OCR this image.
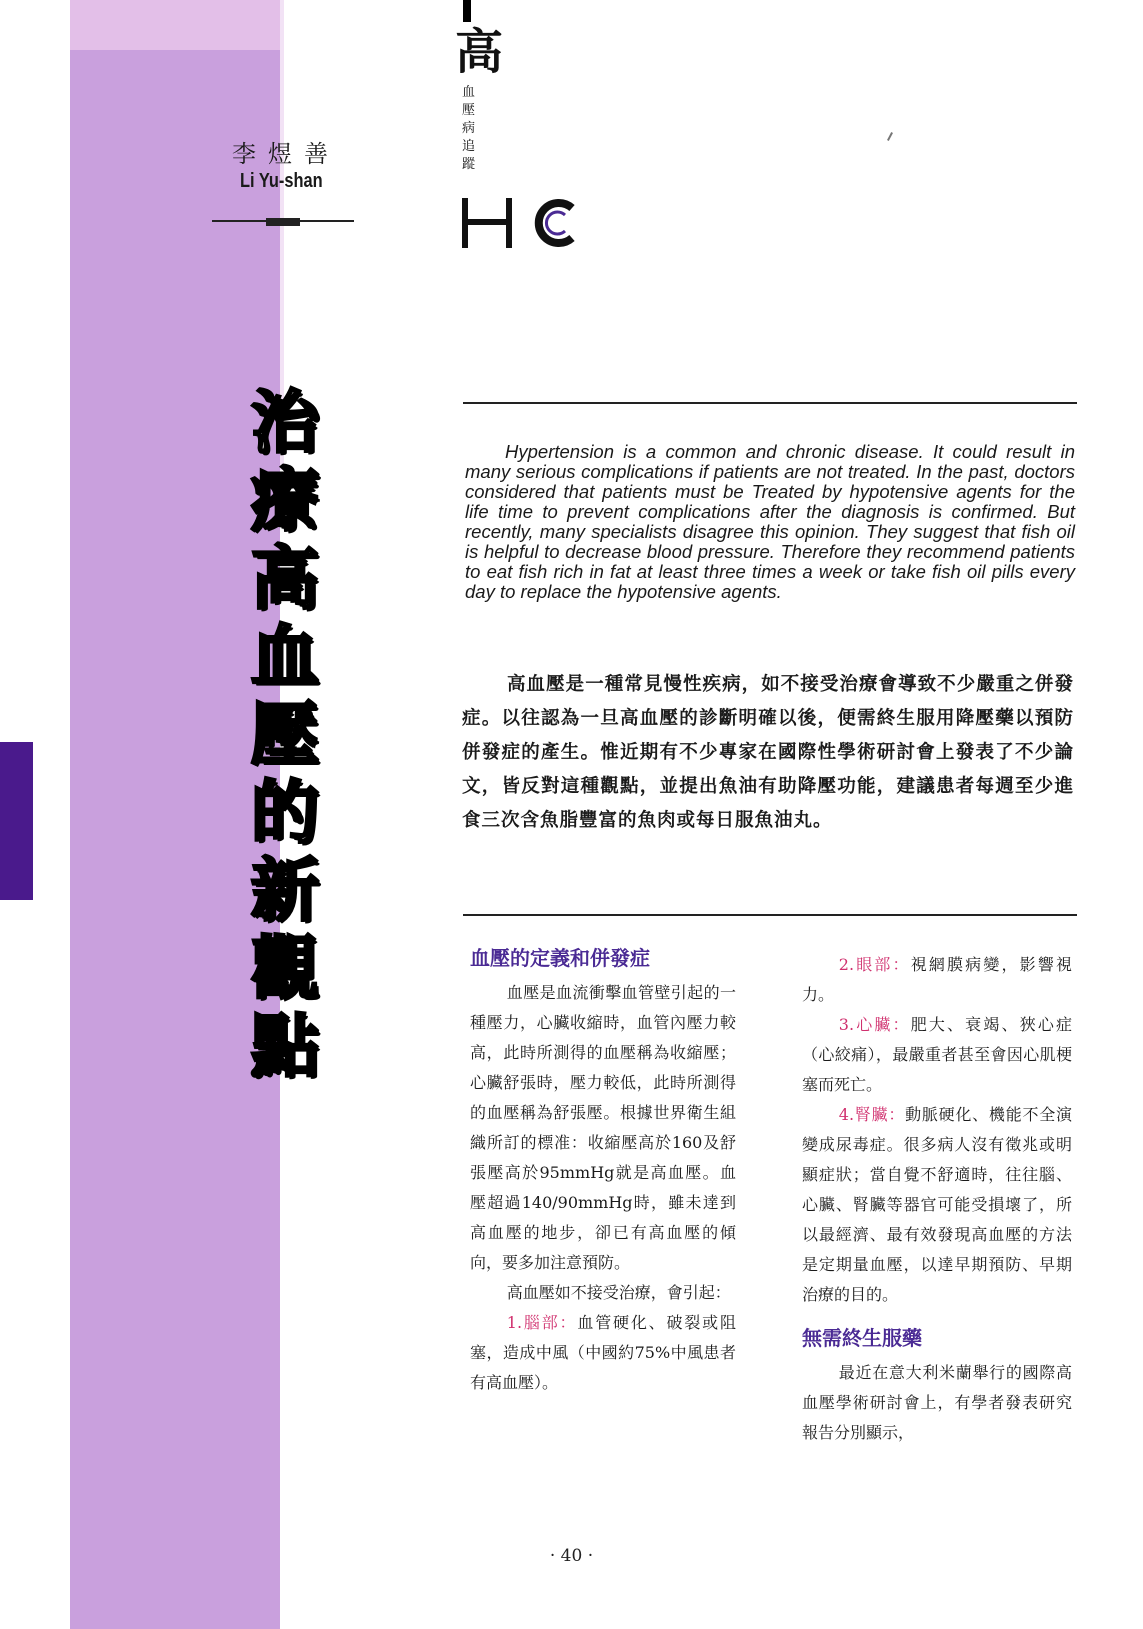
李煜善
Li Yu-shan
治療高血壓的新觀點
高
血壓病追蹤
Hypertension is a common and chronic disease. It could result in many serious complications if patients are not treated. In the past, doctors considered that patients must be Treated by hypotensive agents for the life time to prevent complications after the diagnosis is confirmed. But recently, many specialists disagree this opinion. They suggest that fish oil is helpful to decrease blood pressure. Therefore they recommend patients to eat fish rich in fat at least three times a week or take fish oil pills every day to replace the hypotensive agents.
高血壓是一種常見慢性疾病，如不接受治療會導致不少嚴重之併發症。以往認為一旦高血壓的診斷明確以後，便需終生服用降壓藥以預防併發症的產生。惟近期有不少專家在國際性學術研討會上發表了不少論文，皆反對這種觀點，並提出魚油有助降壓功能，建議患者每週至少進食三次含魚脂豐富的魚肉或每日服魚油丸。
血壓的定義和併發症

血壓是血流衝擊血管壁引起的一種壓力，心臟收縮時，血管內壓力較高，此時所測得的血壓稱為收縮壓；心臟舒張時，壓力較低，此時所測得的血壓稱為舒張壓。根據世界衛生組織所訂的標准：收縮壓高於160及舒張壓高於95mmHg就是高血壓。血壓超過140/90mmHg時，雖未達到高血壓的地步，卻已有高血壓的傾向，要多加注意預防。

高血壓如不接受治療，會引起：

1.腦部：血管硬化、破裂或阻塞，造成中風（中國約75%中風患者有高血壓）。

2.眼部：視網膜病變，影響視力。

3.心臟：肥大、衰竭、狹心症（心絞痛），最嚴重者甚至會因心肌梗塞而死亡。

4.腎臟：動脈硬化、機能不全演變成尿毒症。很多病人沒有徵兆或明顯症狀；當自覺不舒適時，往往腦、心臟、腎臟等器官可能受損壞了，所以最經濟、最有效發現高血壓的方法是定期量血壓，以達早期預防、早期治療的目的。

無需終生服藥

最近在意大利米蘭舉行的國際高血壓學術研討會上，有學者發表研究報告分別顯示，

· 40 ·
